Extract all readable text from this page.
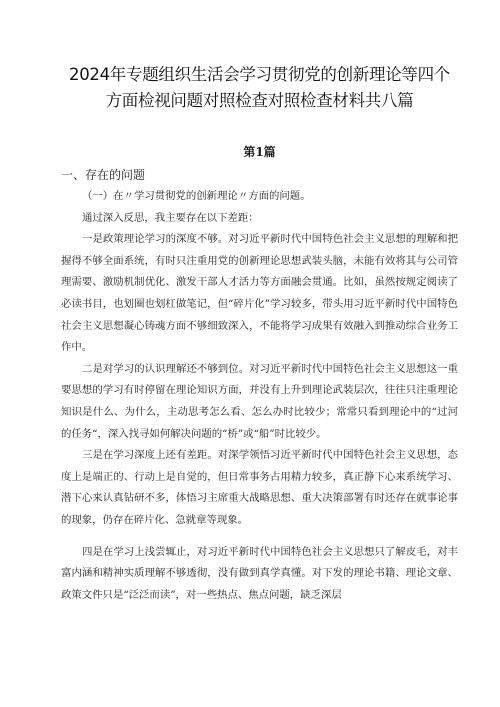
2024年专题组织生活会学习贯彻党的创新理论等四个
方面检视问题对照检查对照检查材料共八篇
第1篇
一、存在的问题

（一）在〃学习贯彻党的创新理论〃方面的问题。

通过深入反思，我主要存在以下差距：

一是政策理论学习的深度不够。对习近平新时代中国特色社会主义思想的理解和把握得不够全面系统，有时只注重用党的创新理论思想武装头脑，未能有效将其与公司管理需要、激励机制优化、激发干部人才活力等方面融会贯通。比如，虽然按规定阅读了必读书目，也划圈也划杠做笔记，但“碎片化”学习较多，带头用习近平新时代中国特色社会主义思想凝心铸魂方面不够细致深入，不能将学习成果有效融入到推动综合业务工作中。

二是对学习的认识理解还不够到位。对习近平新时代中国特色社会主义思想这一重要思想的学习有时停留在理论知识方面，并没有上升到理论武装层次，往往只注重理论知识是什么、为什么，主动思考怎么看、怎么办时比较少；常常只看到理论中的“过河的任务“，深入找寻如何解决问题的“桥”或“船”时比较少。

三是在学习深度上还有差距。对深学领悟习近平新时代中国特色社会主义思想，态度上是端正的、行动上是自觉的，但日常事务占用精力较多，真正静下心来系统学习、潜下心来认真钻研不多，体悟习主席重大战略思想、重大决策部署有时还存在就事论事的现象，仍存在碎片化、急就章等现象。

四是在学习上浅尝辄止，对习近平新时代中国特色社会主义思想只了解皮毛，对丰富内涵和精神实质理解不够透彻，没有做到真学真懂。对下发的理论书籍、理论文章、政策文件只是“泛泛而读”，对一些热点、焦点问题，缺乏深层
